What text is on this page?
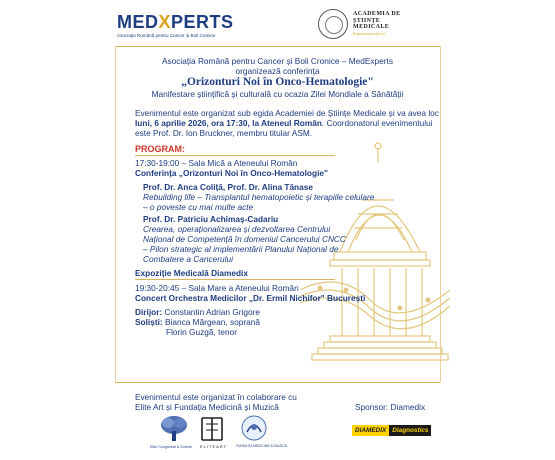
MEDXPERTS
Asociația Română pentru Cancer și Boli Cronice
ACADEMIA DE
ȘTIINȚE
MEDICALE
Experientia docet
Asociația Română pentru Cancer și Boli Cronice – MedExperts
organizează conferința
„Orizonturi Noi în Onco-Hematologie"
Manifestare științifică și culturală cu ocazia Zilei Mondiale a Sănătății
Evenimentul este organizat sub egida Academiei de Științe Medicale și va avea loc
luni, 6 aprilie 2026, ora 17:30, la Ateneul Român. Coordonatorul evenimentului
este Prof. Dr. Ion Bruckner, membru titular ASM.
PROGRAM:
17:30-19:00 – Sala Mică a Ateneului Român
Conferința „Orizonturi Noi în Onco-Hematologie"
Prof. Dr. Anca Coliță, Prof. Dr. Alina Tănase
Rebuilding life – Transplantul hematopoietic și terapiile celulare
– o poveste cu mai multe acte
Prof. Dr. Patriciu Achimaș-Cadariu
Crearea, operaționalizarea și dezvoltarea Centrului
Național de Competență în domeniul Cancerului CNCC
– Pilon strategic al implementării Planului Național de
Combatere a Cancerului
Expoziție Medicală Diamedix
19:30-20:45 – Sala Mare a Ateneului Român
Concert Orchestra Medicilor „Dr. Ermil Nichifor" București
Dirijor: Constantin Adrian Grigore
Soliști: Bianca Mărgean, soprană
Florin Guzgă, tenor
Evenimentul este organizat în colaborare cu
Elite Art și Fundația Medicină și Muzică	Sponsor: Diamedix
Elite Congresse & Events ELITEART	FUNDAȚIA MEDICINĂ ȘI MUZICĂ
DIAMEDIX Diagnostics
